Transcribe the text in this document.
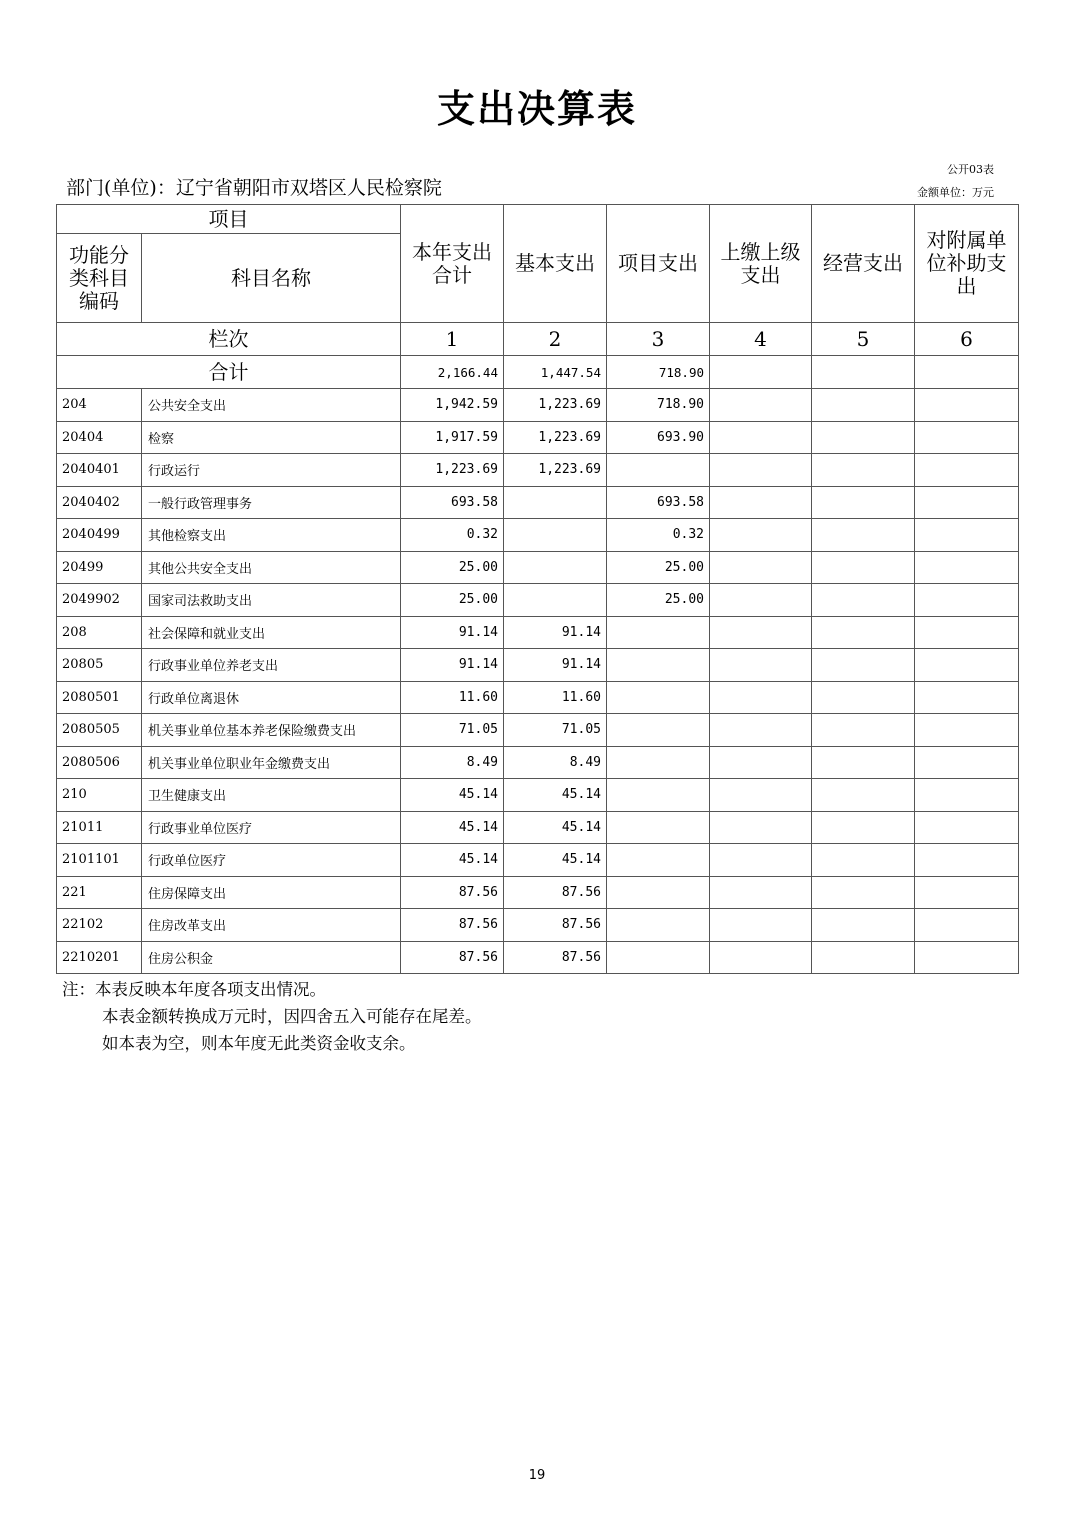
支出决算表
公开03表
部门(单位)：辽宁省朝阳市双塔区人民检察院	金额单位：万元
项目		本年支出合计	基本支出	项目支出	上缴上级支出	经营支出	对附属单位补助支出
功能分类科目编码	科目名称						
栏次		1	2	3	4	5	6
合计		2,166.44	1,447.54	718.90			
204	公共安全支出	1,942.59	1,223.69	718.90			
20404	检察	1,917.59	1,223.69	693.90			
2040401	行政运行	1,223.69	1,223.69				
2040402	一般行政管理事务	693.58		693.58			
2040499	其他检察支出	0.32		0.32			
20499	其他公共安全支出	25.00		25.00			
2049902	国家司法救助支出	25.00		25.00			
208	社会保障和就业支出	91.14	91.14				
20805	行政事业单位养老支出	91.14	91.14				
2080501	行政单位离退休	11.60	11.60				
2080505	机关事业单位基本养老保险缴费支出	71.05	71.05				
2080506	机关事业单位职业年金缴费支出	8.49	8.49				
210	卫生健康支出	45.14	45.14				
21011	行政事业单位医疗	45.14	45.14				
2101101	行政单位医疗	45.14	45.14				
221	住房保障支出	87.56	87.56				
22102	住房改革支出	87.56	87.56				
2210201	住房公积金	87.56	87.56				
注：本表反映本年度各项支出情况。
本表金额转换成万元时，因四舍五入可能存在尾差。
如本表为空，则本年度无此类资金收支余。
19
